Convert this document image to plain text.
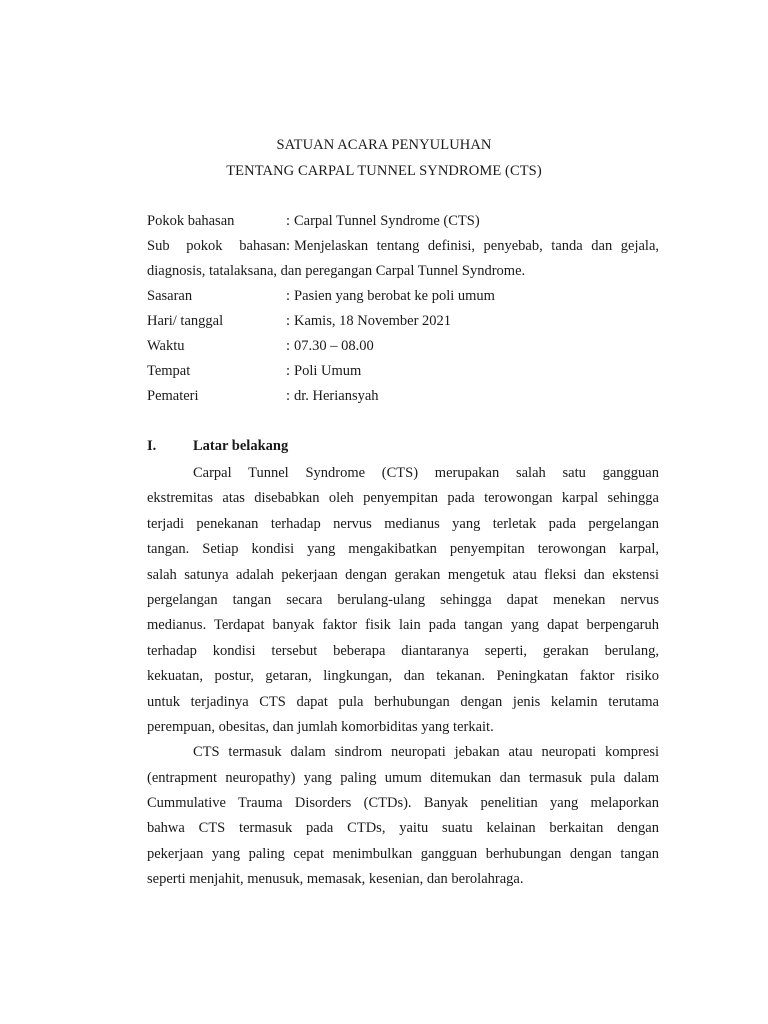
SATUAN ACARA PENYULUHAN
TENTANG CARPAL TUNNEL SYNDROME (CTS)
Pokok bahasan	: Carpal Tunnel Syndrome (CTS)
Sub pokok bahasan : Menjelaskan tentang definisi, penyebab, tanda dan gejala,
diagnosis, tatalaksana, dan peregangan Carpal Tunnel Syndrome.
Sasaran	: Pasien yang berobat ke poli umum
Hari/ tanggal	: Kamis, 18 November 2021
Waktu	: 07.30 – 08.00
Tempat	: Poli Umum
Pemateri	: dr. Heriansyah
I.	Latar belakang

Carpal Tunnel Syndrome (CTS) merupakan salah satu gangguan
ekstremitas atas disebabkan oleh penyempitan pada terowongan karpal sehingga
terjadi penekanan terhadap nervus medianus yang terletak pada pergelangan
tangan. Setiap kondisi yang mengakibatkan penyempitan terowongan karpal,
salah satunya adalah pekerjaan dengan gerakan mengetuk atau fleksi dan ekstensi
pergelangan tangan secara berulang-ulang sehingga dapat menekan nervus
medianus. Terdapat banyak faktor fisik lain pada tangan yang dapat berpengaruh
terhadap kondisi tersebut beberapa diantaranya seperti, gerakan berulang,
kekuatan, postur, getaran, lingkungan, dan tekanan. Peningkatan faktor risiko
untuk terjadinya CTS dapat pula berhubungan dengan jenis kelamin terutama
perempuan, obesitas, dan jumlah komorbiditas yang terkait.

CTS termasuk dalam sindrom neuropati jebakan atau neuropati kompresi
(entrapment neuropathy) yang paling umum ditemukan dan termasuk pula dalam
Cummulative Trauma Disorders (CTDs). Banyak penelitian yang melaporkan
bahwa CTS termasuk pada CTDs, yaitu suatu kelainan berkaitan dengan
pekerjaan yang paling cepat menimbulkan gangguan berhubungan dengan tangan
seperti menjahit, menusuk, memasak, kesenian, dan berolahraga.
